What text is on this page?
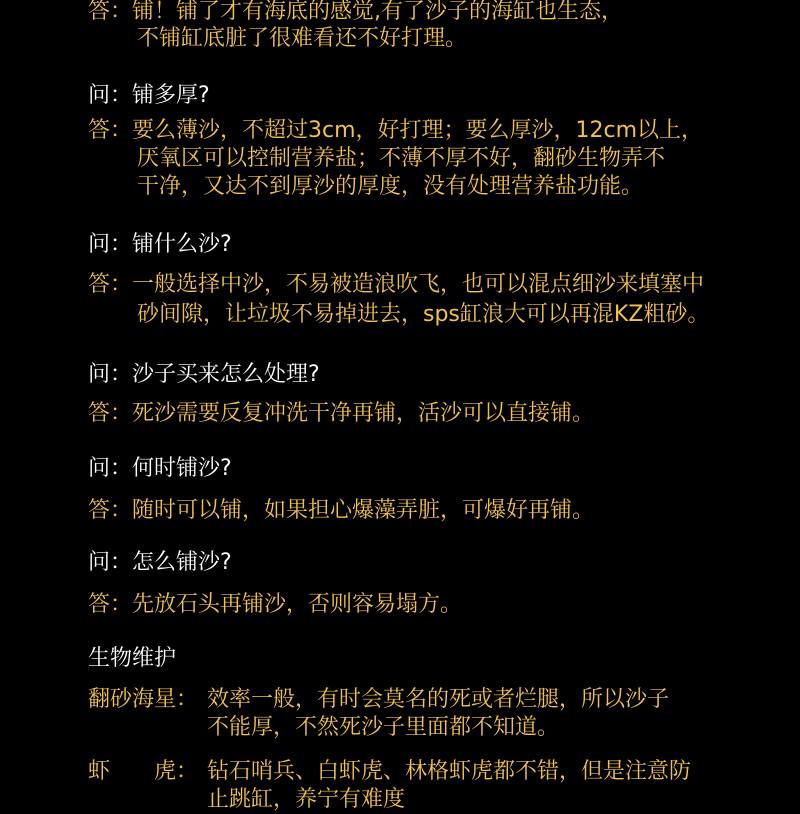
答：铺！铺了才有海底的感觉,有了沙子的海缸也生态，
不铺缸底脏了很难看还不好打理。
问：铺多厚?
答：要么薄沙，不超过3cm，好打理；要么厚沙，12cm以上，
厌氧区可以控制营养盐；不薄不厚不好，翻砂生物弄不
干净，又达不到厚沙的厚度，没有处理营养盐功能。
问：铺什么沙?
答：一般选择中沙，不易被造浪吹飞，也可以混点细沙来填塞中
砂间隙，让垃圾不易掉进去，sps缸浪大可以再混KZ粗砂。
问：沙子买来怎么处理?
答：死沙需要反复冲洗干净再铺，活沙可以直接铺。
问：何时铺沙?
答：随时可以铺，如果担心爆藻弄脏，可爆好再铺。
问：怎么铺沙?
答：先放石头再铺沙，否则容易塌方。
生物维护
翻砂海星： 效率一般，有时会莫名的死或者烂腿，所以沙子
不能厚，不然死沙子里面都不知道。
虾　　虎： 钻石哨兵、白虾虎、林格虾虎都不错，但是注意防
止跳缸，养宁有难度
